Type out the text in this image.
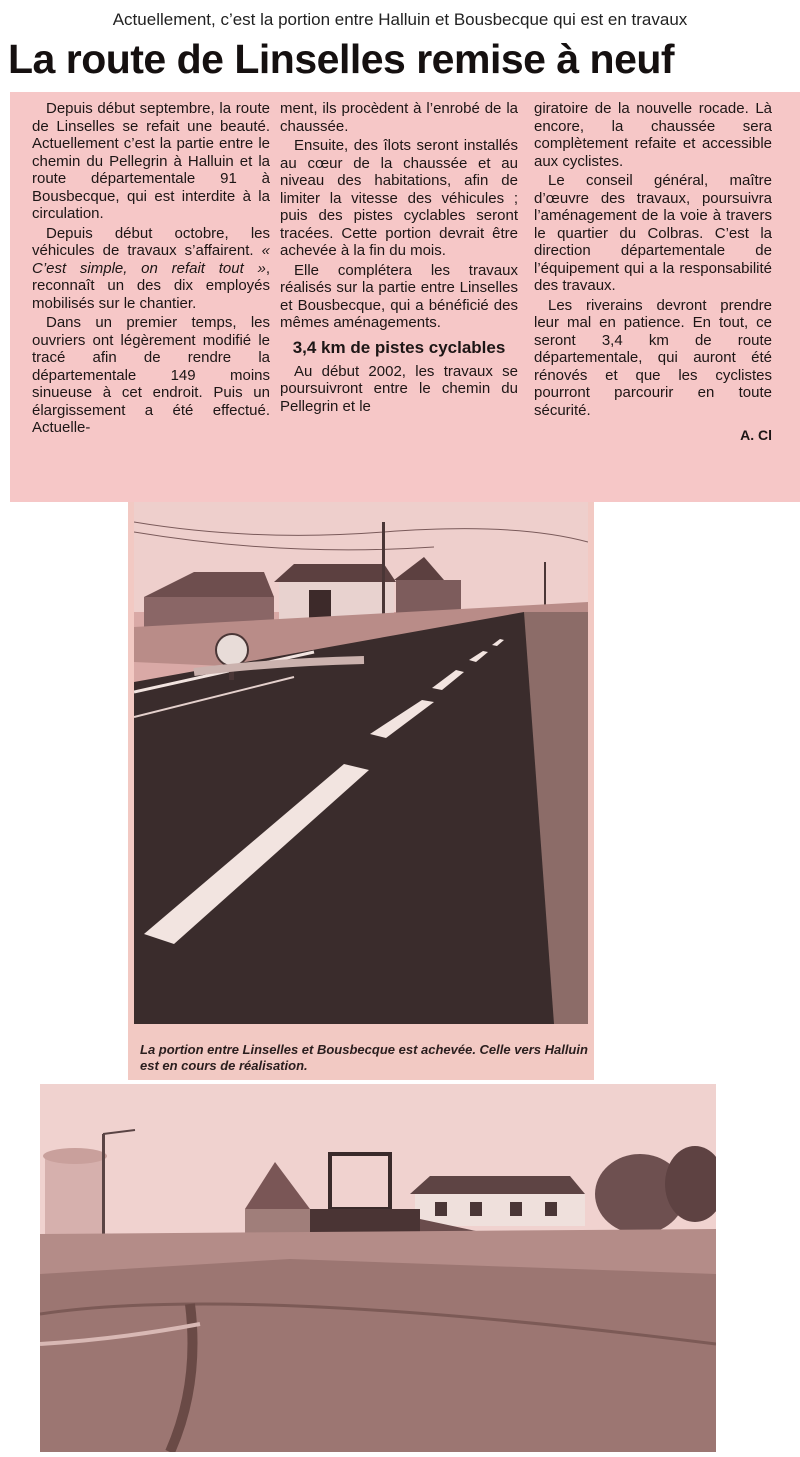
Actuellement, c’est la portion entre Halluin et Bousbecque qui est en travaux
La route de Linselles remise à neuf

Depuis début septembre, la route de Linselles se refait une beauté. Actuellement c’est la partie entre le chemin du Pellegrin à Halluin et la route départementale 91 à Bousbecque, qui est interdite à la circulation.

Depuis début octobre, les véhicules de travaux s’affairent. « C’est simple, on refait tout », reconnaît un des dix employés mobilisés sur le chantier.

Dans un premier temps, les ouvriers ont légèrement modifié le tracé afin de rendre la départementale 149 moins sinueuse à cet endroit. Puis un élargissement a été effectué. Actuelle-

ment, ils procèdent à l’enrobé de la chaussée.

Ensuite, des îlots seront installés au cœur de la chaussée et au niveau des habitations, afin de limiter la vitesse des véhicules ; puis des pistes cyclables seront tracées. Cette portion devrait être achevée à la fin du mois.

Elle complétera les travaux réalisés sur la partie entre Linselles et Bousbecque, qui a bénéficié des mêmes aménagements.

3,4 km de pistes cyclables

Au début 2002, les travaux se poursuivront entre le chemin du Pellegrin et le

giratoire de la nouvelle rocade. Là encore, la chaussée sera complètement refaite et accessible aux cyclistes.

Le conseil général, maître d’œuvre des travaux, poursuivra l’aménagement de la voie à travers le quartier du Colbras. C’est la direction départementale de l’équipement qui a la responsabilité des travaux.

Les riverains devront prendre leur mal en patience. En tout, ce seront 3,4 km de route départementale, qui auront été rénovés et que les cyclistes pourront parcourir en toute sécurité.

A. Cl

La portion entre Linselles et Bousbecque est achevée. Celle vers Halluin est en cours de réalisation.
